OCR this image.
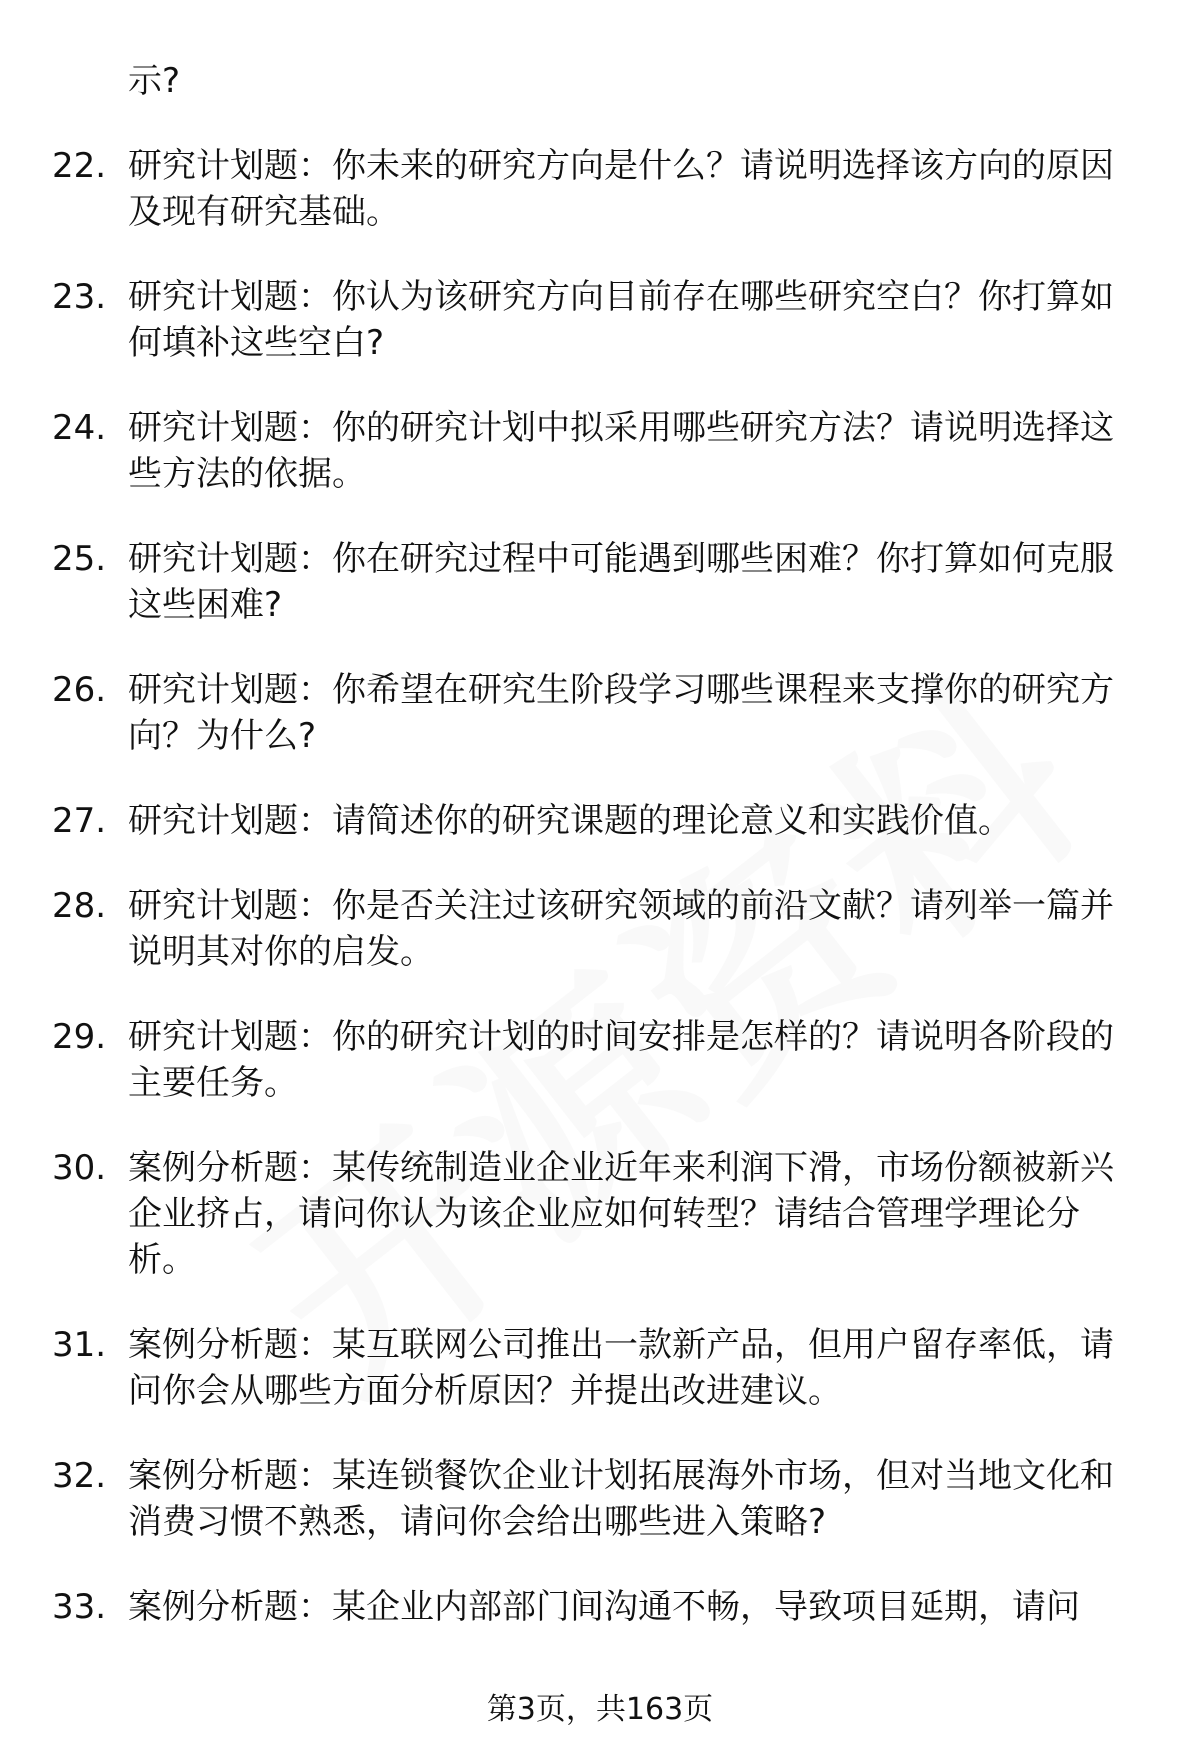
示?
22. 研究计划题：你未来的研究方向是什么？请说明选择该方向的原因及现有研究基础。
23. 研究计划题：你认为该研究方向目前存在哪些研究空白？你打算如何填补这些空白?
24. 研究计划题：你的研究计划中拟采用哪些研究方法？请说明选择这些方法的依据。
25. 研究计划题：你在研究过程中可能遇到哪些困难？你打算如何克服这些困难?
26. 研究计划题：你希望在研究生阶段学习哪些课程来支撑你的研究方向？为什么?
27. 研究计划题：请简述你的研究课题的理论意义和实践价值。
28. 研究计划题：你是否关注过该研究领域的前沿文献？请列举一篇并说明其对你的启发。
29. 研究计划题：你的研究计划的时间安排是怎样的？请说明各阶段的主要任务。
30. 案例分析题：某传统制造业企业近年来利润下滑，市场份额被新兴企业挤占，请问你认为该企业应如何转型？请结合管理学理论分析。
31. 案例分析题：某互联网公司推出一款新产品，但用户留存率低，请问你会从哪些方面分析原因？并提出改进建议。
32. 案例分析题：某连锁餐饮企业计划拓展海外市场，但对当地文化和消费习惯不熟悉，请问你会给出哪些进入策略?
33. 案例分析题：某企业内部部门间沟通不畅，导致项目延期，请问
第3页，共163页
